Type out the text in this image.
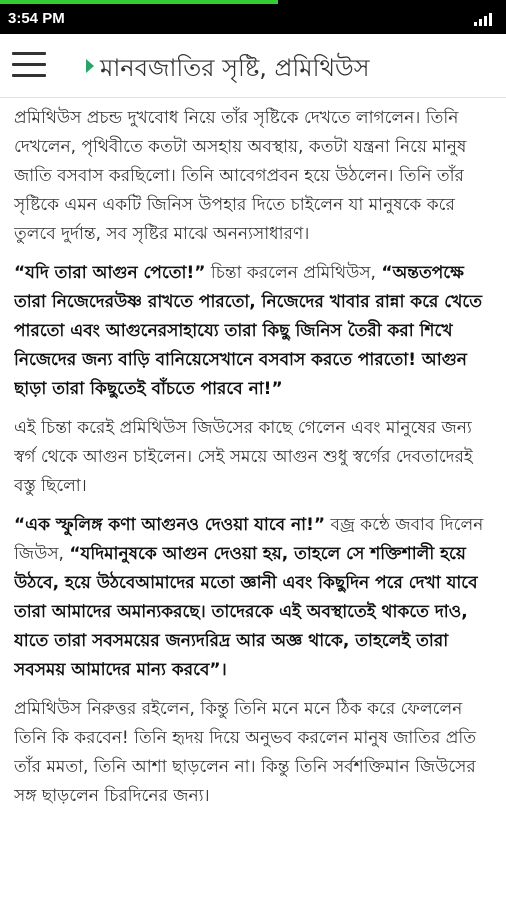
3:54 PM
মানবজাতির সৃষ্টি, প্রমিথিউস

প্রমিথিউস প্রচন্ড দুখবোধ নিয়ে তাঁর সৃষ্টিকে দেখতে লাগলেন। তিনি দেখলেন, পৃথিবীতে কতটা অসহায় অবস্থায়, কতটা যন্ত্রনা নিয়ে মানুষ জাতি বসবাস করছিলো। তিনি আবেগপ্রবন হয়ে উঠলেন। তিনি তাঁর সৃষ্টিকে এমন একটি জিনিস উপহার দিতে চাইলেন যা মানুষকে করে তুলবে দুর্দান্ত, সব সৃষ্টির মাঝে অনন্যসাধারণ।

“যদি তারা আগুন পেতো!” চিন্তা করলেন প্রমিথিউস, “অন্ততপক্ষে তারা নিজেদেরউষ্ণ রাখতে পারতো, নিজেদের খাবার রান্না করে খেতে পারতো এবং আগুনেরসাহায্যে তারা কিছু জিনিস তৈরী করা শিখে নিজেদের জন্য বাড়ি বানিয়েসেখানে বসবাস করতে পারতো! আগুন ছাড়া তারা কিছুতেই বাঁচতে পারবে না!”

এই চিন্তা করেই প্রমিথিউস জিউসের কাছে গেলেন এবং মানুষের জন্য স্বর্গ থেকে আগুন চাইলেন। সেই সময়ে আগুন শুধু স্বর্গের দেবতাদেরই বস্তু ছিলো।

“এক স্ফুলিঙ্গ কণা আগুনও দেওয়া যাবে না!” বজ্র কন্ঠে জবাব দিলেন জিউস, “যদিমানুষকে আগুন দেওয়া হয়, তাহলে সে শক্তিশালী হয়ে উঠবে, হয়ে উঠবেআমাদের মতো জ্ঞানী এবং কিছুদিন পরে দেখা যাবে তারা আমাদের অমান্যকরছে। তাদেরকে এই অবস্থাতেই থাকতে দাও, যাতে তারা সবসময়ের জন্যদরিদ্র আর অজ্ঞ থাকে, তাহলেই তারা সবসময় আমাদের মান্য করবে”।

প্রমিথিউস নিরুত্তর রইলেন, কিন্তু তিনি মনে মনে ঠিক করে ফেললেন তিনি কি করবেন! তিনি হৃদয় দিয়ে অনুভব করলেন মানুষ জাতির প্রতি তাঁর মমতা, তিনি আশা ছাড়লেন না। কিন্তু তিনি সর্বশক্তিমান জিউসের সঙ্গ ছাড়লেন চিরদিনের জন্য।
